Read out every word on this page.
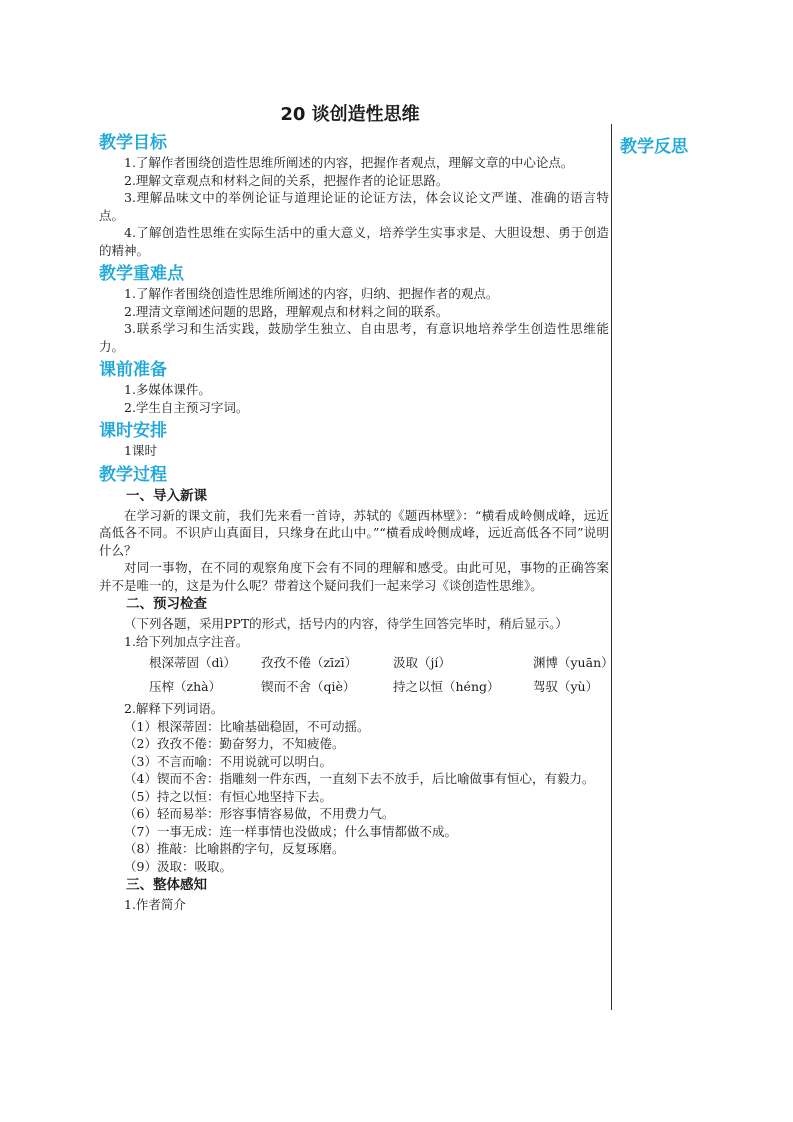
20 谈创造性思维
教学反思
教学目标

1.了解作者围绕创造性思维所阐述的内容，把握作者观点，理解文章的中心论点。

2.理解文章观点和材料之间的关系，把握作者的论证思路。

3.理解品味文中的举例论证与道理论证的论证方法，体会议论文严谨、准确的语言特点。

4.了解创造性思维在实际生活中的重大意义，培养学生实事求是、大胆设想、勇于创造的精神。

教学重难点

1.了解作者围绕创造性思维所阐述的内容，归纳、把握作者的观点。

2.理清文章阐述问题的思路，理解观点和材料之间的联系。

3.联系学习和生活实践，鼓励学生独立、自由思考，有意识地培养学生创造性思维能力。

课前准备

1.多媒体课件。

2.学生自主预习字词。

课时安排

1课时

教学过程
一、导入新课

在学习新的课文前，我们先来看一首诗，苏轼的《题西林壁》：“横看成岭侧成峰，远近高低各不同。不识庐山真面目，只缘身在此山中。”“横看成岭侧成峰，远近高低各不同”说明什么？

对同一事物，在不同的观察角度下会有不同的理解和感受。由此可见，事物的正确答案并不是唯一的，这是为什么呢？带着这个疑问我们一起来学习《谈创造性思维》。

二、预习检查

（下列各题，采用PPT的形式，括号内的内容，待学生回答完毕时，稍后显示。）

1.给下列加点字注音。

根深蒂固（dì） 孜孜不倦（zīzī）	汲取（jí）	渊博（yuān）

压榨（zhà）	锲而不舍（qiè）	持之以恒（héng）	驾驭（yù）

2.解释下列词语。

（1）根深蒂固：比喻基础稳固，不可动摇。

（2）孜孜不倦：勤奋努力，不知疲倦。

（3）不言而喻：不用说就可以明白。

（4）锲而不舍：指雕刻一件东西，一直刻下去不放手，后比喻做事有恒心，有毅力。

（5）持之以恒：有恒心地坚持下去。

（6）轻而易举：形容事情容易做，不用费力气。

（7）一事无成：连一样事情也没做成；什么事情都做不成。

（8）推敲：比喻斟酌字句，反复琢磨。

（9）汲取：吸取。

三、整体感知

1.作者简介
